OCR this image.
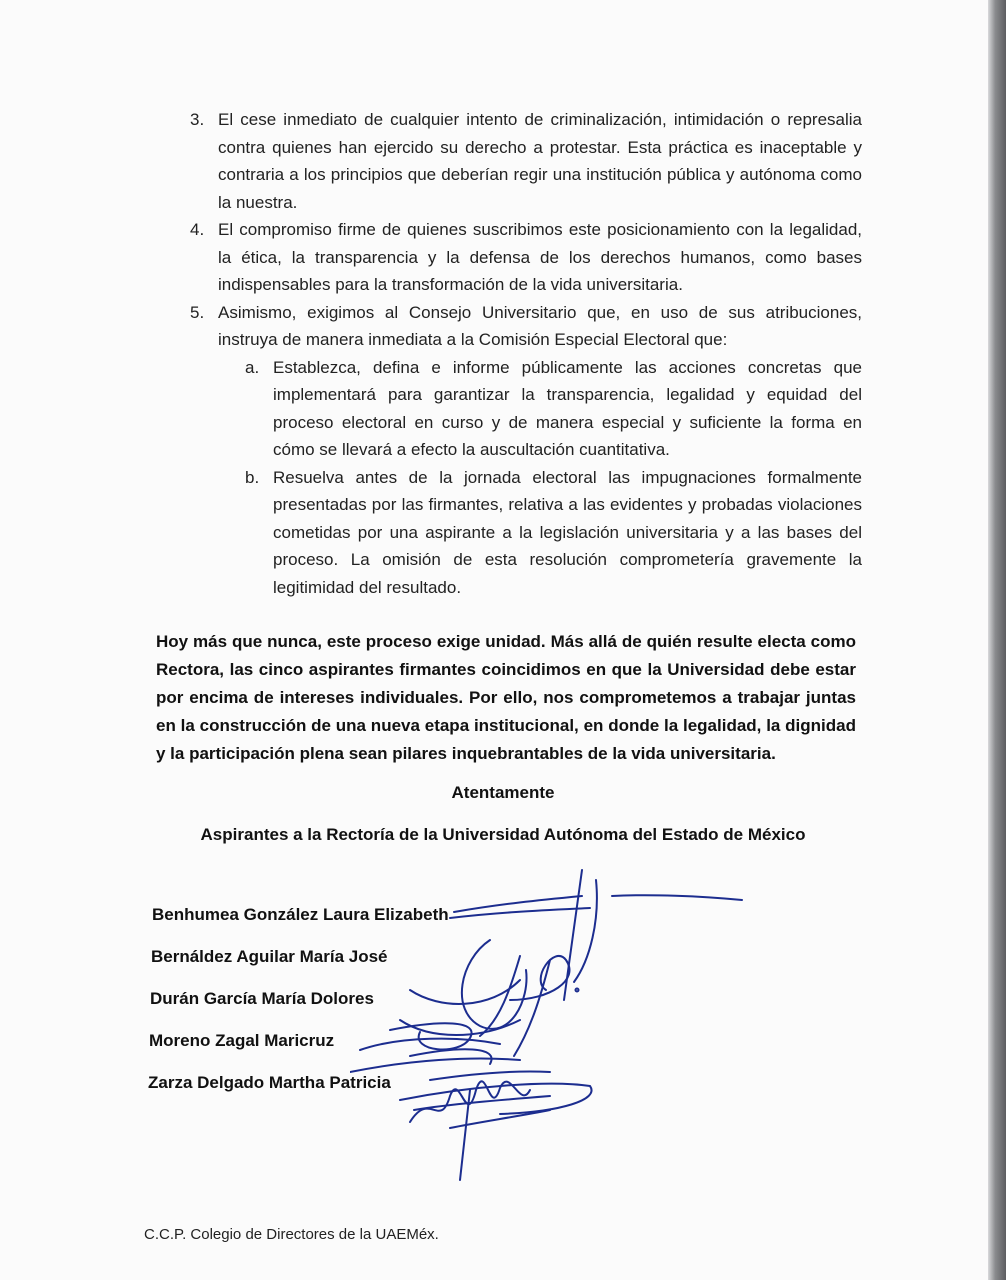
3. El cese inmediato de cualquier intento de criminalización, intimidación o represalia contra quienes han ejercido su derecho a protestar. Esta práctica es inaceptable y contraria a los principios que deberían regir una institución pública y autónoma como la nuestra.
4. El compromiso firme de quienes suscribimos este posicionamiento con la legalidad, la ética, la transparencia y la defensa de los derechos humanos, como bases indispensables para la transformación de la vida universitaria.
5. Asimismo, exigimos al Consejo Universitario que, en uso de sus atribuciones, instruya de manera inmediata a la Comisión Especial Electoral que:
a. Establezca, defina e informe públicamente las acciones concretas que implementará para garantizar la transparencia, legalidad y equidad del proceso electoral en curso y de manera especial y suficiente la forma en cómo se llevará a efecto la auscultación cuantitativa.
b. Resuelva antes de la jornada electoral las impugnaciones formalmente presentadas por las firmantes, relativa a las evidentes y probadas violaciones cometidas por una aspirante a la legislación universitaria y a las bases del proceso. La omisión de esta resolución comprometería gravemente la legitimidad del resultado.
Hoy más que nunca, este proceso exige unidad. Más allá de quién resulte electa como Rectora, las cinco aspirantes firmantes coincidimos en que la Universidad debe estar por encima de intereses individuales. Por ello, nos comprometemos a trabajar juntas en la construcción de una nueva etapa institucional, en donde la legalidad, la dignidad y la participación plena sean pilares inquebrantables de la vida universitaria.
Atentamente
Aspirantes a la Rectoría de la Universidad Autónoma del Estado de México
Benhumea González Laura Elizabeth
Bernáldez Aguilar María José
Durán García María Dolores
Moreno Zagal Maricruz
Zarza Delgado Martha Patricia
C.C.P. Colegio de Directores de la UAEMéx.
